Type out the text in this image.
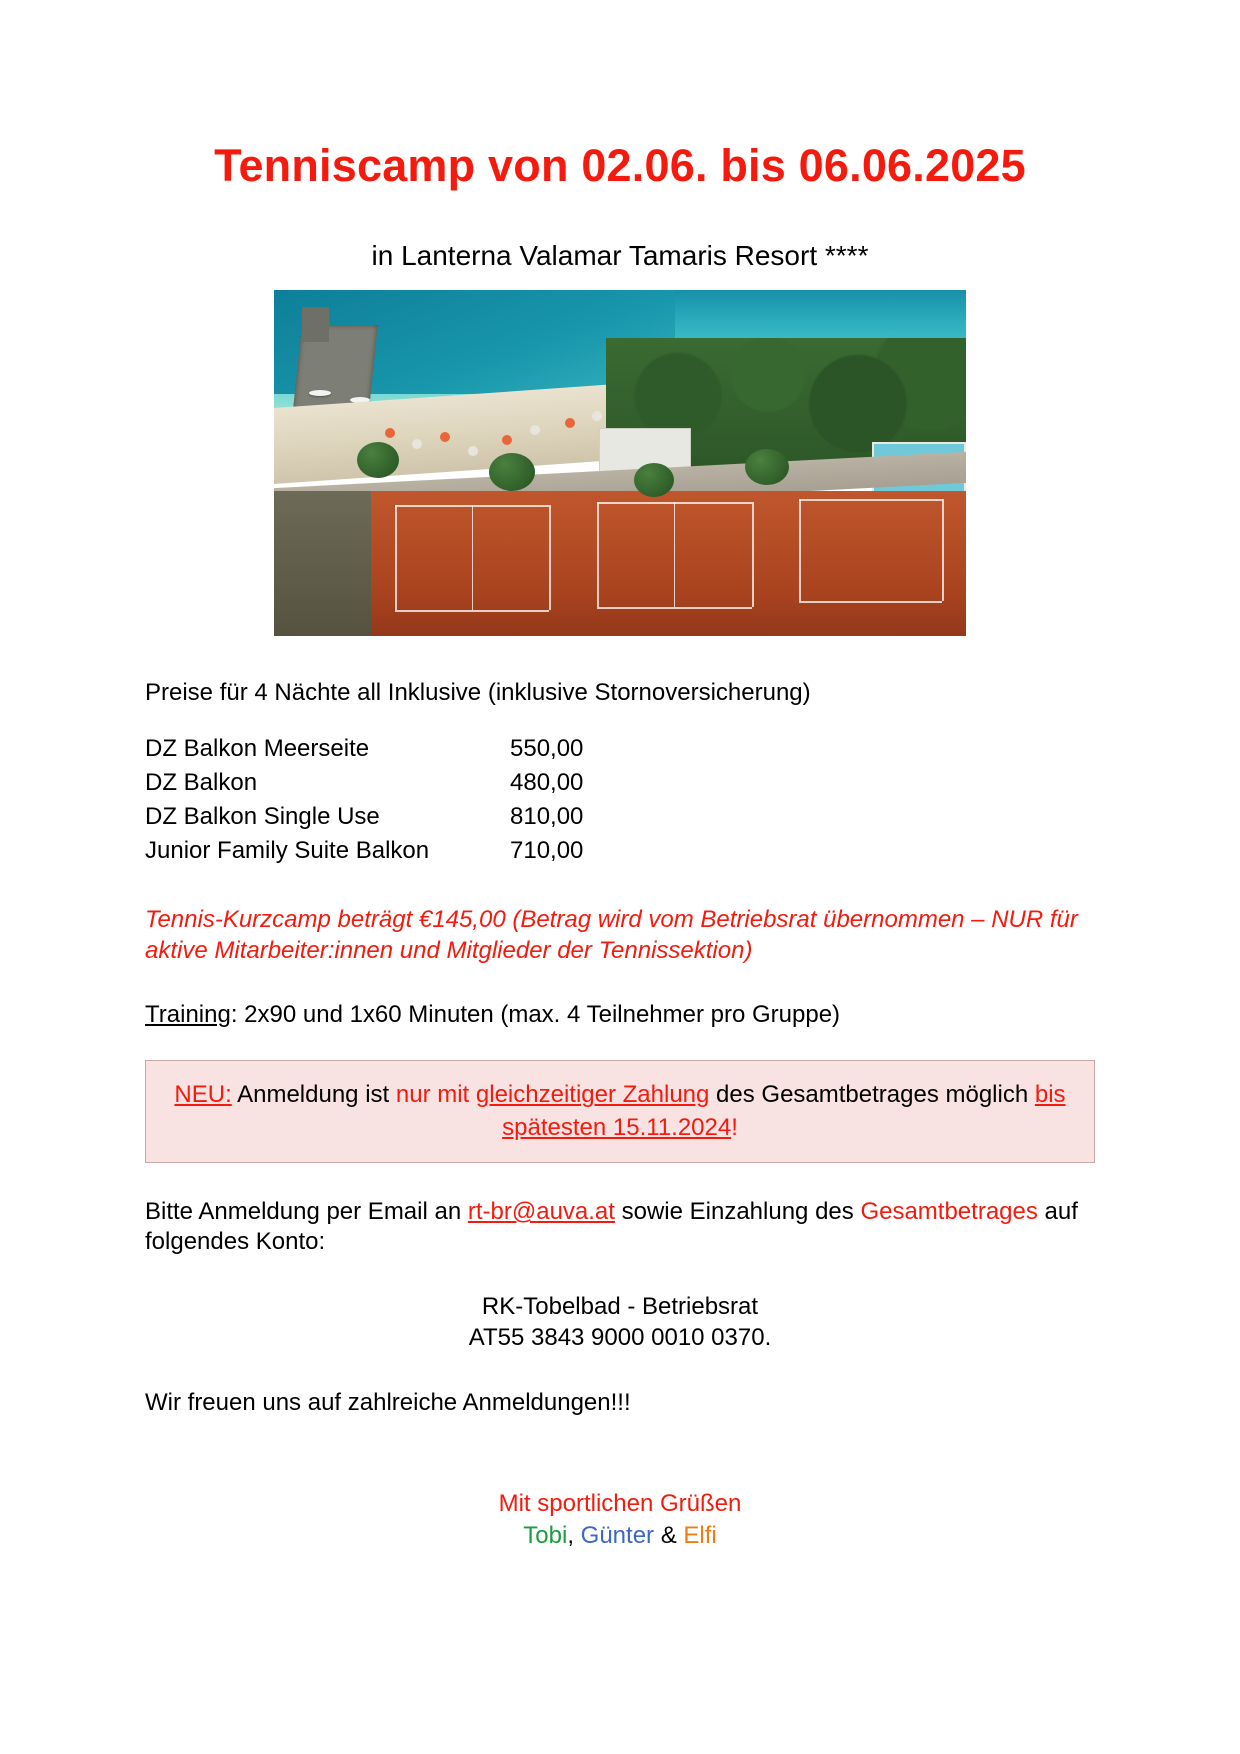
Tenniscamp von 02.06. bis 06.06.2025
in Lanterna Valamar Tamaris Resort ****
Preise für 4 Nächte all Inklusive (inklusive Stornoversicherung)
DZ Balkon Meerseite	550,00
DZ Balkon	480,00
DZ Balkon Single Use	810,00
Junior Family Suite Balkon	710,00
Tennis-Kurzcamp beträgt €145,00 (Betrag wird vom Betriebsrat übernommen – NUR für aktive Mitarbeiter:innen und Mitglieder der Tennissektion)
Training: 2x90 und 1x60 Minuten (max. 4 Teilnehmer pro Gruppe)
NEU: Anmeldung ist nur mit gleichzeitiger Zahlung des Gesamtbetrages möglich bis spätesten 15.11.2024!
Bitte Anmeldung per Email an rt-br@auva.at sowie Einzahlung des Gesamtbetrages auf folgendes Konto:
RK-Tobelbad - Betriebsrat
AT55 3843 9000 0010 0370.
Wir freuen uns auf zahlreiche Anmeldungen!!!
Mit sportlichen Grüßen
Tobi, Günter & Elfi
